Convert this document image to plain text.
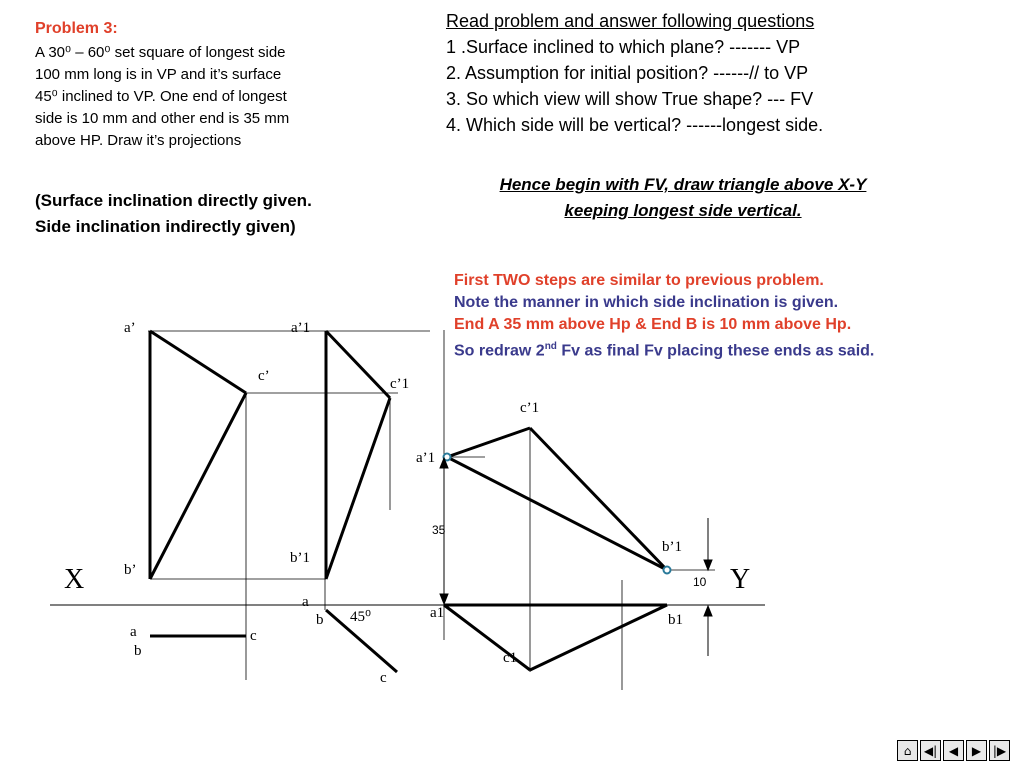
Problem 3:
A 30⁰ – 60⁰ set square of longest side
100 mm long is in VP and it’s surface
45⁰ inclined to VP. One end of longest
side is 10 mm and other end is 35 mm
above HP. Draw it’s projections
(Surface inclination directly given.
Side inclination indirectly given)
Read problem and answer following questions
1 .Surface inclined to which plane? ------- VP
2. Assumption for initial position? ------// to VP
3. So which view will show True shape? --- FV
4. Which side will be vertical? ------longest side.
Hence begin with FV, draw triangle above X-Y
keeping longest side vertical.
First TWO steps are similar to previous problem.
Note the manner in which side inclination is given.
End A 35 mm above Hp & End B is 10 mm above Hp.
So redraw 2nd Fv as final Fv placing these ends as said.
X	Y
a’
b’
c’
a
b
c
a’1
b’1
c’1
a
b
c
45⁰
c’1
a’1
b’1
a1	b1
c1
35
10
⌂	◀| ◀	▶ |▶
